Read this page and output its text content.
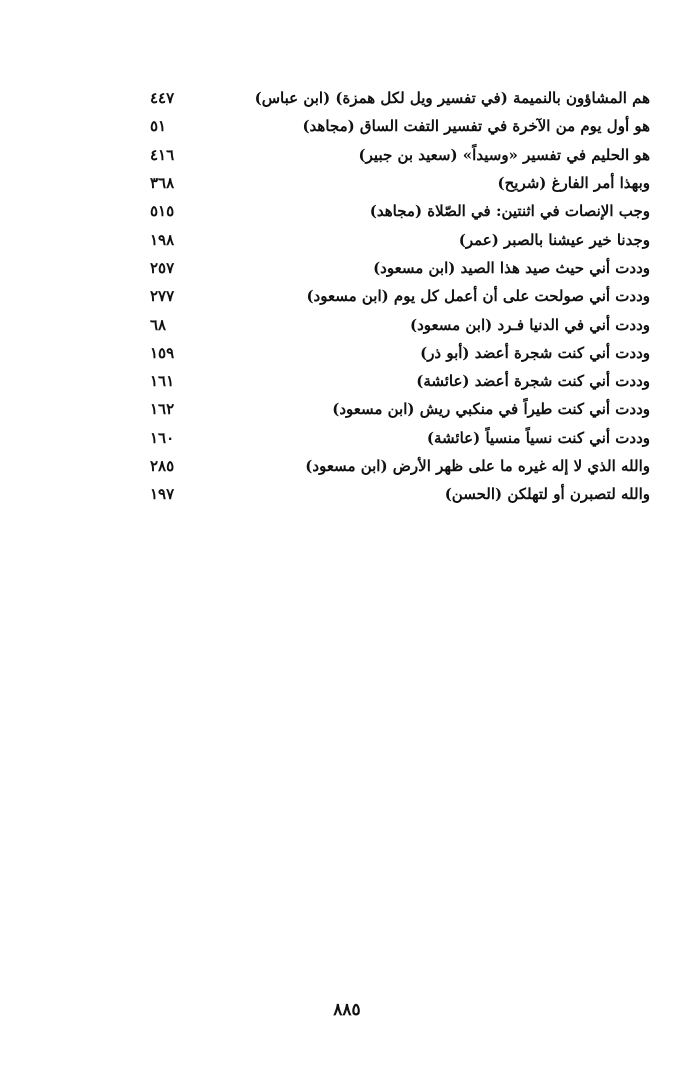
هم المشاؤون بالنميمة (في تفسير ويل لكل همزة) (ابن عباس)
٤٤٧
هو أول يوم من الآخرة في تفسير التفت الساق (مجاهد)
٥١
هو الحليم في تفسير «وسيداً» (سعيد بن جبير)
٤١٦
وبهذا أمر الفارغ (شريح)
٣٦٨
وجب الإنصات في اثنتين: في الصّلاة (مجاهد)
٥١٥
وجدنا خير عيشنا بالصبر (عمر)
١٩٨
وددت أني حيث صيد هذا الصيد (ابن مسعود)
٢٥٧
وددت أني صولحت على أن أعمل كل يوم (ابن مسعود)
٢٧٧
وددت أني في الدنيا فـرد (ابن مسعود)
٦٨
وددت أني كنت شجرة أعضد (أبو ذر)
١٥٩
وددت أني كنت شجرة أعضد (عائشة)
١٦١
وددت أني كنت طيراً في منكبي ريش (ابن مسعود)
١٦٢
وددت أني كنت نسياً منسياً (عائشة)
١٦٠
والله الذي لا إله غيره ما على ظهر الأرض (ابن مسعود)
٢٨٥
والله لتصبرن أو لتهلكن (الحسن)
١٩٧
٨٨٥
